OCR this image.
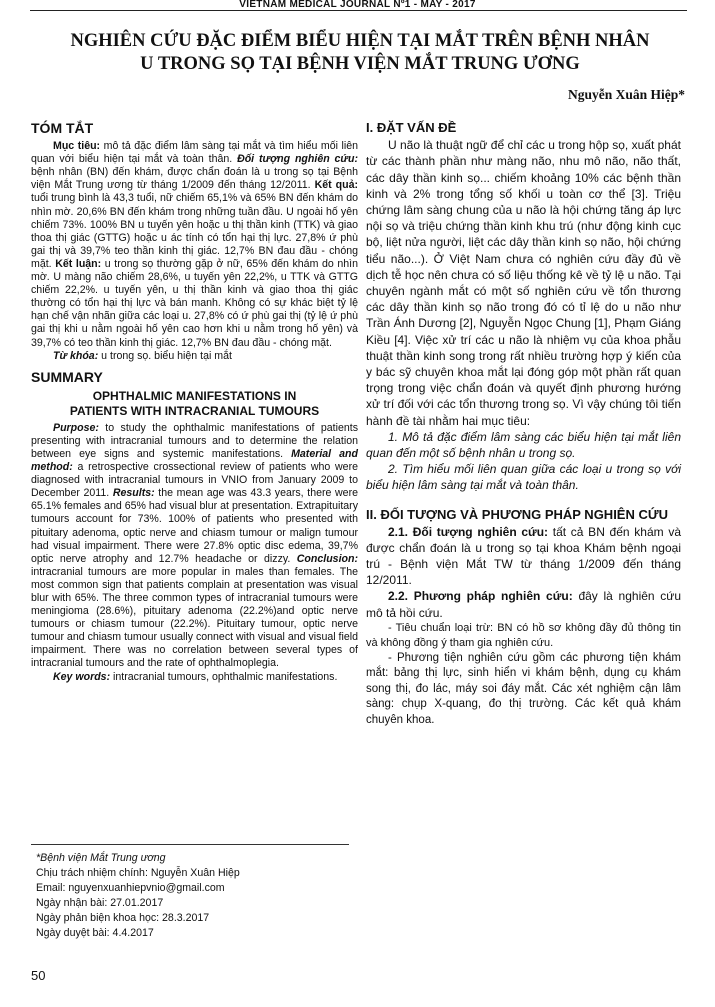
VIETNAM MEDICAL JOURNAL Nº1 - MAY - 2017
NGHIÊN CỨU ĐẶC ĐIỂM BIỂU HIỆN TẠI MẮT TRÊN BỆNH NHÂN
U TRONG SỌ TẠI BỆNH VIỆN MẮT TRUNG ƯƠNG
Nguyễn Xuân Hiệp*
TÓM TẮT

Mục tiêu: mô tả đặc điểm lâm sàng tại mắt và tìm hiểu mối liên quan với biểu hiện tại mắt và toàn thân. Đối tượng nghiên cứu: bệnh nhân (BN) đến khám, được chẩn đoán là u trong sọ tại Bệnh viện Mắt Trung ương từ tháng 1/2009 đến tháng 12/2011. Kết quả: tuổi trung bình là 43,3 tuổi, nữ chiếm 65,1% và 65% BN đến khám do nhìn mờ. 20,6% BN đến khám trong những tuần đầu. U ngoài hố yên chiếm 73%. 100% BN u tuyến yên hoặc u thị thần kinh (TTK) và giao thoa thị giác (GTTG) hoặc u ác tính có tổn hại thị lực. 27,8% ứ phù gai thị và 39,7% teo thần kinh thị giác. 12,7% BN đau đầu - chóng mặt. Kết luận: u trong sọ thường gặp ở nữ, 65% đến khám do nhìn mờ. U màng não chiếm 28,6%, u tuyến yên 22,2%, u TTK và GTTG chiếm 22,2%. u tuyến yên, u thị thần kinh và giao thoa thị giác thường có tổn hại thị lực và bán manh. Không có sự khác biệt tỷ lệ hạn chế vận nhãn giữa các loại u. 27,8% có ứ phù gai thị (tỷ lệ ứ phù gai thị khi u nằm ngoài hố yên cao hơn khi u nằm trong hố yên) và 39,7% có teo thần kinh thị giác. 12,7% BN đau đầu - chóng mặt.

Từ khóa: u trong sọ. biểu hiện tại mắt

SUMMARY
OPHTHALMIC MANIFESTATIONS IN
PATIENTS WITH INTRACRANIAL TUMOURS

Purpose: to study the ophthalmic manifestations of patients presenting with intracranial tumours and to determine the relation between eye signs and systemic manifestations. Material and method: a retrospective crossectional review of patients who were diagnosed with intracranial tumours in VNIO from January 2009 to December 2011. Results: the mean age was 43.3 years, there were 65.1% females and 65% had visual blur at presentation. Extrapituitary tumours account for 73%. 100% of patients who presented with pituitary adenoma, optic nerve and chiasm tumour or malign tumour had visual impairment. There were 27.8% optic disc edema, 39,7% optic nerve atrophy and 12.7% headache or dizzy. Conclusion: intracranial tumours are more popular in males than females. The most common sign that patients complain at presentation was visual blur with 65%. The three common types of intracranial tumours were meningioma (28.6%), pituitary adenoma (22.2%)and optic nerve tumours or chiasm tumour (22.2%). Pituitary tumour, optic nerve tumour and chiasm tumour usually connect with visual and visual field impairment. There was no correlation between several types of intracranial tumours and the rate of ophthalmoplegia.

Key words: intracranial tumours, ophthalmic manifestations.

I. ĐẶT VẤN ĐỀ

U não là thuật ngữ để chỉ các u trong hộp sọ, xuất phát từ các thành phần như màng não, nhu mô não, não thất, các dây thần kinh sọ... chiếm khoảng 10% các bệnh thần kinh và 2% trong tổng số khối u toàn cơ thể [3]. Triệu chứng lâm sàng chung của u não là hội chứng tăng áp lực nội sọ và triệu chứng thần kinh khu trú (như động kinh cục bộ, liệt nửa người, liệt các dây thần kinh sọ não, hội chứng tiểu não...). Ở Việt Nam chưa có nghiên cứu đầy đủ về dịch tễ học nên chưa có số liệu thống kê về tỷ lệ u não. Tại chuyên ngành mắt có một số nghiên cứu về tổn thương các dây thần kinh sọ não trong đó có tỉ lệ do u não như Trần Ánh Dương [2], Nguyễn Ngọc Chung [1], Phạm Giáng Kiều [4]. Việc xử trí các u não là nhiệm vụ của khoa phẫu thuật thần kinh song trong rất nhiều trường hợp ý kiến của y bác sỹ chuyên khoa mắt lại đóng góp một phần rất quan trọng trong việc chẩn đoán và quyết định phương hướng xử trí đối với các tổn thương trong sọ. Vì vậy chúng tôi tiến hành đề tài nhằm hai mục tiêu:

1. Mô tả đặc điểm lâm sàng các biểu hiện tại mắt liên quan đến một số bệnh nhân u trong sọ.

2. Tìm hiểu mối liên quan giữa các loại u trong sọ với biểu hiện lâm sàng tại mắt và toàn thân.

II. ĐỐI TƯỢNG VÀ PHƯƠNG PHÁP NGHIÊN CỨU

2.1. Đối tượng nghiên cứu: tất cả BN đến khám và được chẩn đoán là u trong sọ tại khoa Khám bệnh ngoại trú - Bệnh viện Mắt TW từ tháng 1/2009 đến tháng 12/2011.

2.2. Phương pháp nghiên cứu: đây là nghiên cứu mô tả hồi cứu.

- Tiêu chuẩn loại trừ: BN có hồ sơ không đầy đủ thông tin và không đồng ý tham gia nghiên cứu.

- Phương tiện nghiên cứu gồm các phương tiện khám mắt: bảng thị lực, sinh hiển vi khám bệnh, dụng cụ khám song thị, đo lác, máy soi đáy mắt. Các xét nghiệm cận lâm sàng: chụp X-quang, đo thị trường. Các kết quả khám chuyên khoa.

*Bệnh viện Mắt Trung ương
Chịu trách nhiệm chính: Nguyễn Xuân Hiệp
Email: nguyenxuanhiepvnio@gmail.com
Ngày nhận bài: 27.01.2017
Ngày phản biện khoa học: 28.3.2017
Ngày duyệt bài: 4.4.2017
50
